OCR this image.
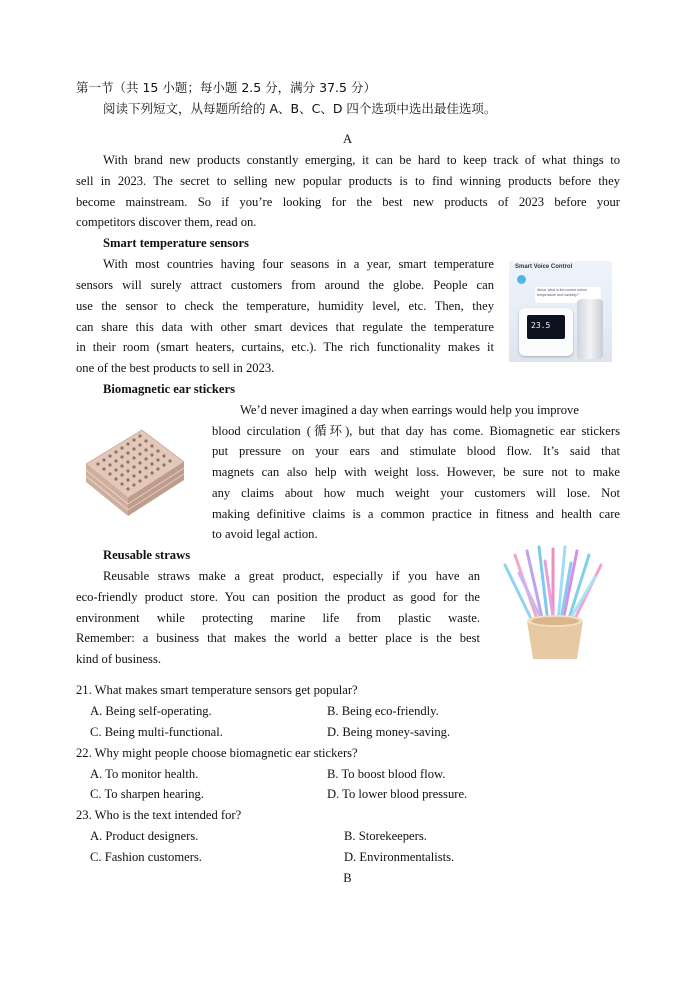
第一节（共 15 小题；每小题 2.5 分，满分 37.5 分）
阅读下列短文，从每题所给的 A、B、C、D 四个选项中选出最佳选项。
A
With brand new products constantly emerging, it can be hard to keep track of what things to
sell in 2023. The secret to selling new popular products is to find winning products before they
become mainstream. So if you’re looking for the best new products of 2023 before your
competitors discover them, read on.
Smart temperature sensors
With most countries having four seasons in a year, smart temperature
sensors will surely attract customers from around the globe. People can
use the sensor to check the temperature, humidity level, etc. Then, they
can share this data with other smart devices that regulate the temperature
in their room (smart heaters, curtains, etc.). The rich functionality makes it
one of the best products to sell in 2023.
Smart Voice Control
Alexa, what is the current indoor temperature and humidity?
23.5
Biomagnetic ear stickers
We’d never imagined a day when earrings would help you improve
blood circulation (循环), but that day has come. Biomagnetic ear stickers
put pressure on your ears and stimulate blood flow. It’s said that
magnets can also help with weight loss. However, be sure not to make
any claims about how much weight your customers will lose. Not
making definitive claims is a common practice in fitness and health care
to avoid legal action.
Reusable straws
Reusable straws make a great product, especially if you have an
eco-friendly product store. You can position the product as good for the
environment while protecting marine life from plastic waste.
Remember: a business that makes the world a better place is the best
kind of business.
21. What makes smart temperature sensors get popular?
A. Being self-operating.	B. Being eco-friendly.
C. Being multi-functional.	D. Being money-saving.
22. Why might people choose biomagnetic ear stickers?
A. To monitor health.	B. To boost blood flow.
C. To sharpen hearing.	D. To lower blood pressure.
23. Who is the text intended for?
A. Product designers.	B. Storekeepers.
C. Fashion customers.	D. Environmentalists.
B
